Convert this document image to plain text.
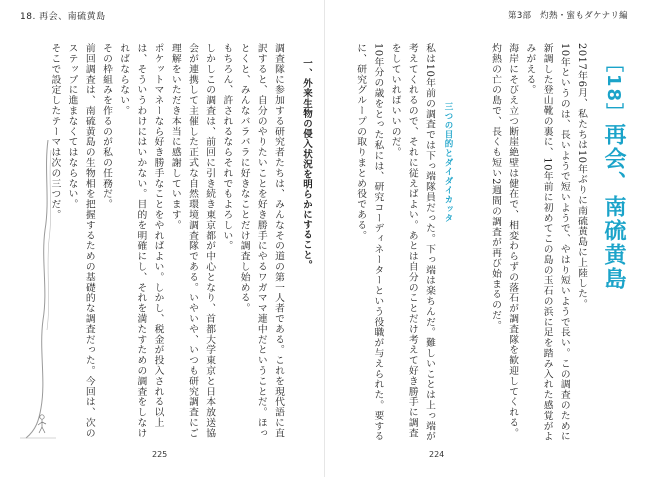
18. 再会、南硫黄島
一、外来生物の侵入状況を明らかにすること。

調査隊に参加する研究者たちは、みんなその道の第一人者である。これを現代語に直訳すると、自分のやりたいことを好き勝手にやるワガママ連中だということだ。ほっとくと、みんなバラバラに好きなことだけ調査し始める。

もちろん、許されるならそれでもよろしい。

しかしこの調査は、前回に引き続き東京都が中心となり、首都大学東京と日本放送協会が連携して主催した正式な自然環境調査隊である。いやいや、いつも研究調査にご理解をいただき本当に感謝しています。

ポケットマネーなら好き勝手なことをやればよい。しかし、税金が投入される以上は、そういうわけにはいかない。目的を明確にし、それを満たすための調査をしなければならない。

その枠組みを作るのが私の任務だ。

前回調査は、南硫黄島の生物相を把握するための基礎的な調査だった。今回は、次のステップに進まなくてはならない。

そこで設定したテーマは次の三つだ。

225
第3部　灼熱・蜜もダケナリ編
［18］再会、南硫黄島

2017年6月、私たちは10年ぶりに南硫黄島に上陸した。

10年というのは、長いようで短いようで、やはり短いようで長い。この調査のために新調した登山靴の裏に、10年前に初めてこの島の玉石の浜に足を踏み入れた感覚がよみがえる。

海岸にそびえ立つ断崖絶壁は健在で、相変わらずの落石が調査隊を歓迎してくれる。

灼熱の亡の島で、長くも短い2週間の調査が再び始まるのだ。

三つの目的とダイダイカッタ

私は10年前の調査では下っ端隊員だった。下っ端は楽ちんだ。難しいことは上っ端が考えてくれるので、それに従えばよい。あとは自分のことだけ考えて好き勝手に調査をしていればいいのだ。

10年分の歳をとった私には、研究コーディネーターという役職が与えられた。要するに、研究グループの取りまとめ役である。

224
